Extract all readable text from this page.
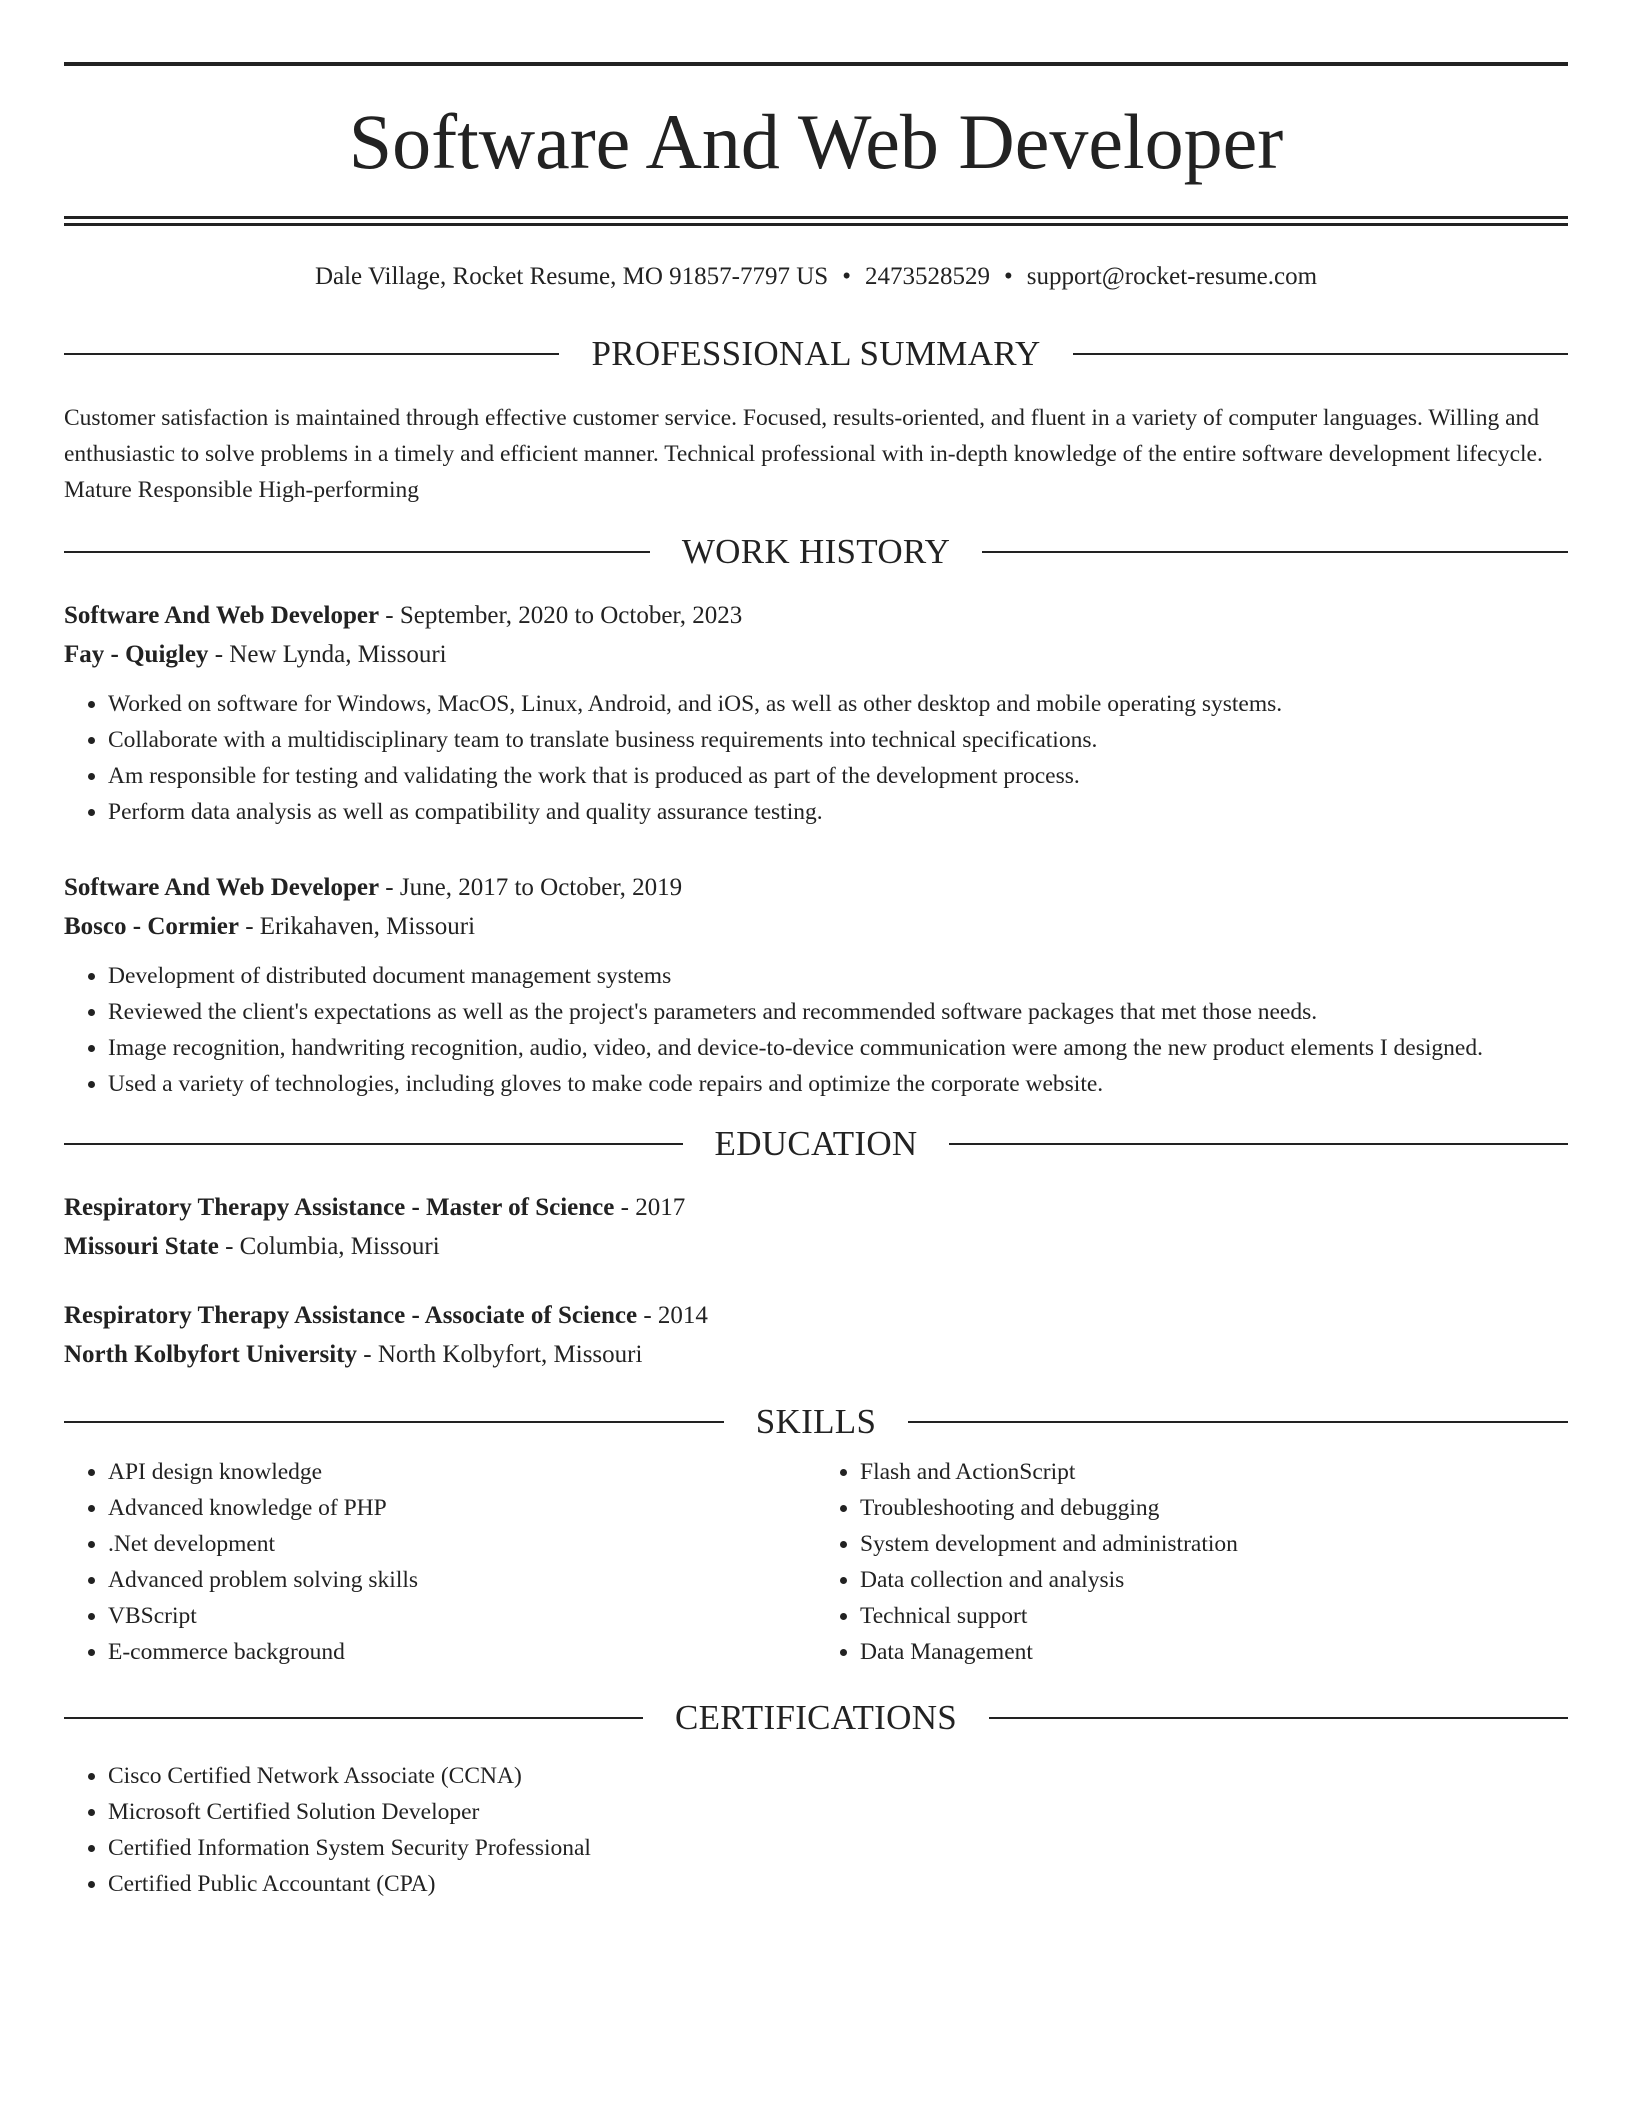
Software And Web Developer
Dale Village, Rocket Resume, MO 91857-7797 US • 2473528529 • support@rocket-resume.com
PROFESSIONAL SUMMARY
Customer satisfaction is maintained through effective customer service. Focused, results-oriented, and fluent in a variety of computer languages. Willing and enthusiastic to solve problems in a timely and efficient manner. Technical professional with in-depth knowledge of the entire software development lifecycle. Mature Responsible High-performing
WORK HISTORY
Software And Web Developer - September, 2020 to October, 2023
Fay - Quigley - New Lynda, Missouri
• Worked on software for Windows, MacOS, Linux, Android, and iOS, as well as other desktop and mobile operating systems.
• Collaborate with a multidisciplinary team to translate business requirements into technical specifications.
• Am responsible for testing and validating the work that is produced as part of the development process.
• Perform data analysis as well as compatibility and quality assurance testing.
Software And Web Developer - June, 2017 to October, 2019
Bosco - Cormier - Erikahaven, Missouri
• Development of distributed document management systems
• Reviewed the client's expectations as well as the project's parameters and recommended software packages that met those needs.
• Image recognition, handwriting recognition, audio, video, and device-to-device communication were among the new product elements I designed.
• Used a variety of technologies, including gloves to make code repairs and optimize the corporate website.
EDUCATION
Respiratory Therapy Assistance - Master of Science - 2017
Missouri State - Columbia, Missouri
Respiratory Therapy Assistance - Associate of Science - 2014
North Kolbyfort University - North Kolbyfort, Missouri
SKILLS
• API design knowledge
• Advanced knowledge of PHP
• .Net development
• Advanced problem solving skills
• VBScript
• E-commerce background
• Flash and ActionScript
• Troubleshooting and debugging
• System development and administration
• Data collection and analysis
• Technical support
• Data Management
CERTIFICATIONS
• Cisco Certified Network Associate (CCNA)
• Microsoft Certified Solution Developer
• Certified Information System Security Professional
• Certified Public Accountant (CPA)
